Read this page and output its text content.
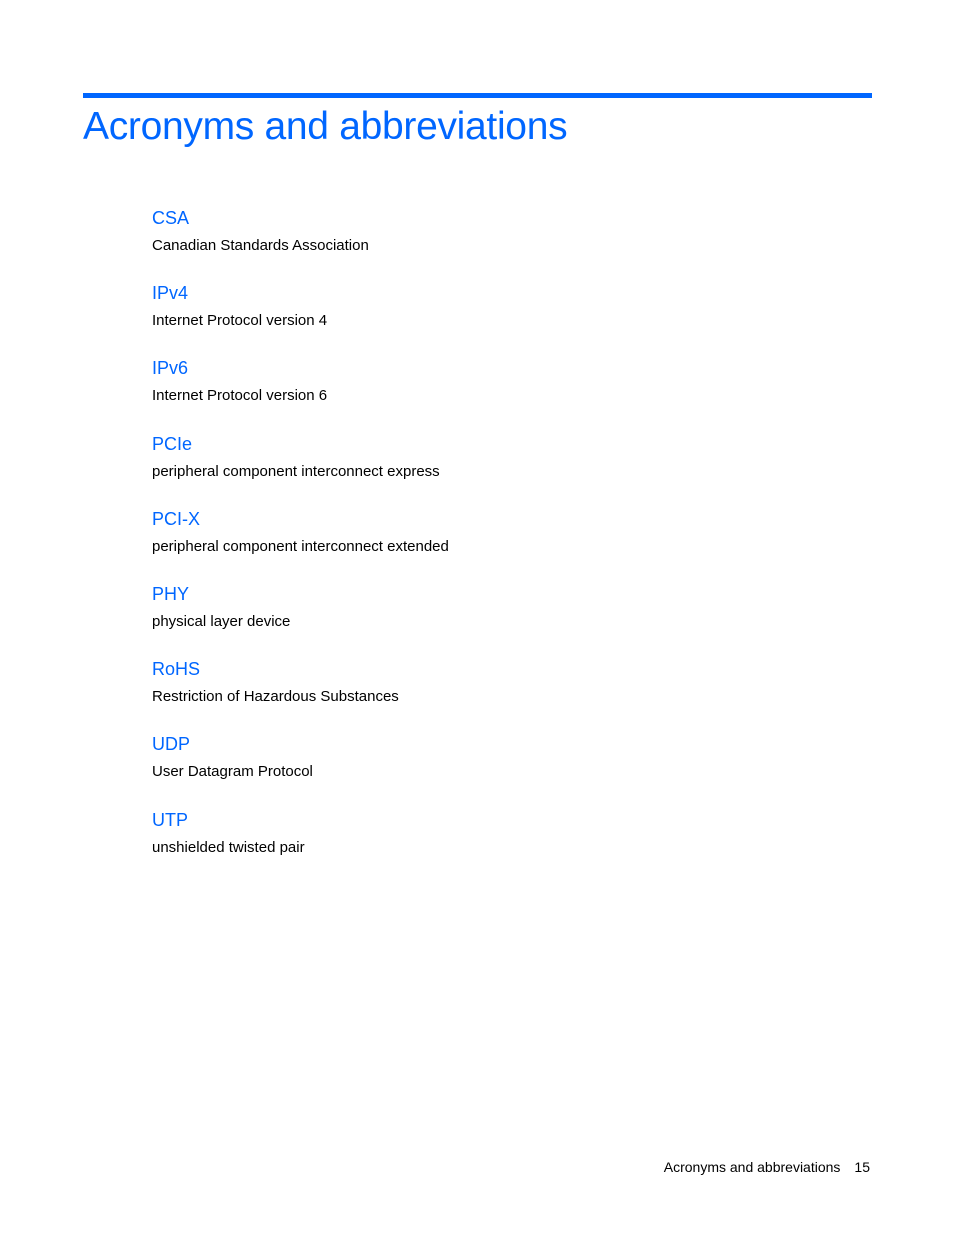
Acronyms and abbreviations
CSA
Canadian Standards Association
IPv4
Internet Protocol version 4
IPv6
Internet Protocol version 6
PCIe
peripheral component interconnect express
PCI-X
peripheral component interconnect extended
PHY
physical layer device
RoHS
Restriction of Hazardous Substances
UDP
User Datagram Protocol
UTP
unshielded twisted pair
Acronyms and abbreviations 15
